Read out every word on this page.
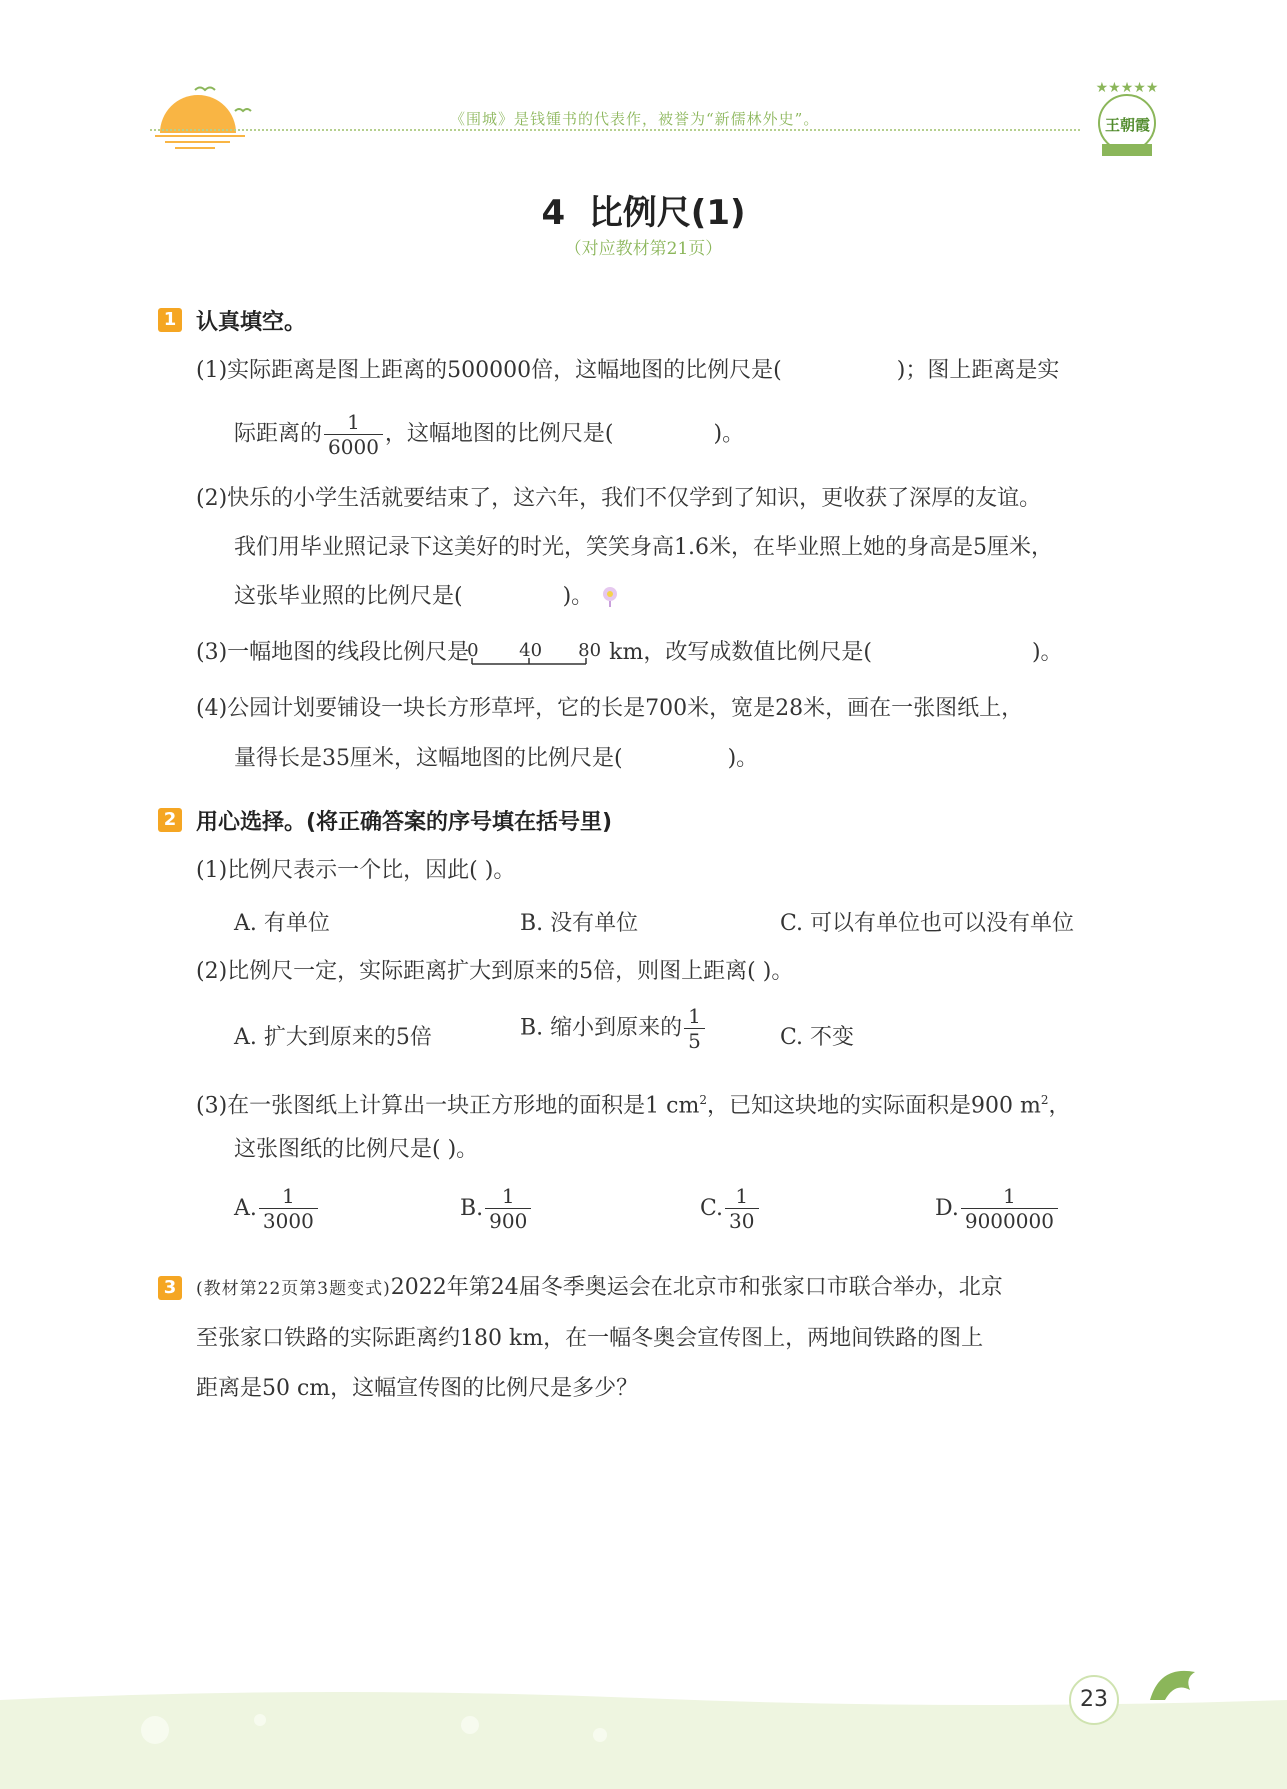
《围城》是钱锺书的代表作，被誉为“新儒林外史”。
★★★★★
王朝霞
4  比例尺(1)
（对应教材第21页）
1 认真填空。
(1)实际距离是图上距离的500000倍，这幅地图的比例尺是(	)；图上距离是实
际距离的 $\frac{1}{6000}$ ，这幅地图的比例尺是(	)。
(2)快乐的小学生活就要结束了，这六年，我们不仅学到了知识，更收获了深厚的友谊。
我们用毕业照记录下这美好的时光，笑笑身高1.6米，在毕业照上她的身高是5厘米，
这张毕业照的比例尺是(	)。
(3)一幅地图的线段比例尺是
0 40 80 km，改写成数值比例尺是(	)。
(4)公园计划要铺设一块长方形草坪，它的长是700米，宽是28米，画在一张图纸上，
量得长是35厘米，这幅地图的比例尺是(	)。
2 用心选择。(将正确答案的序号填在括号里)
(1)比例尺表示一个比，因此( )。
A. 有单位	B. 没有单位	C. 可以有单位也可以没有单位
(2)比例尺一定，实际距离扩大到原来的5倍，则图上距离( )。
A. 扩大到原来的5倍	B. 缩小到原来的 $\frac{1}{5}$	C. 不变
(3)在一张图纸上计算出一块正方形地的面积是1 $cm^2$，已知这块地的实际面积是900 $m^2$，
这张图纸的比例尺是( )。
A. $\frac{1}{3000}$	B. $\frac{1}{900}$	C. $\frac{1}{30}$	D. $\frac{1}{9000000}$
3	(教材第22页第3题变式)2022年第24届冬季奥运会在北京市和张家口市联合举办，北京
至张家口铁路的实际距离约180 km，在一幅冬奥会宣传图上，两地间铁路的图上
距离是50 cm，这幅宣传图的比例尺是多少？
23
